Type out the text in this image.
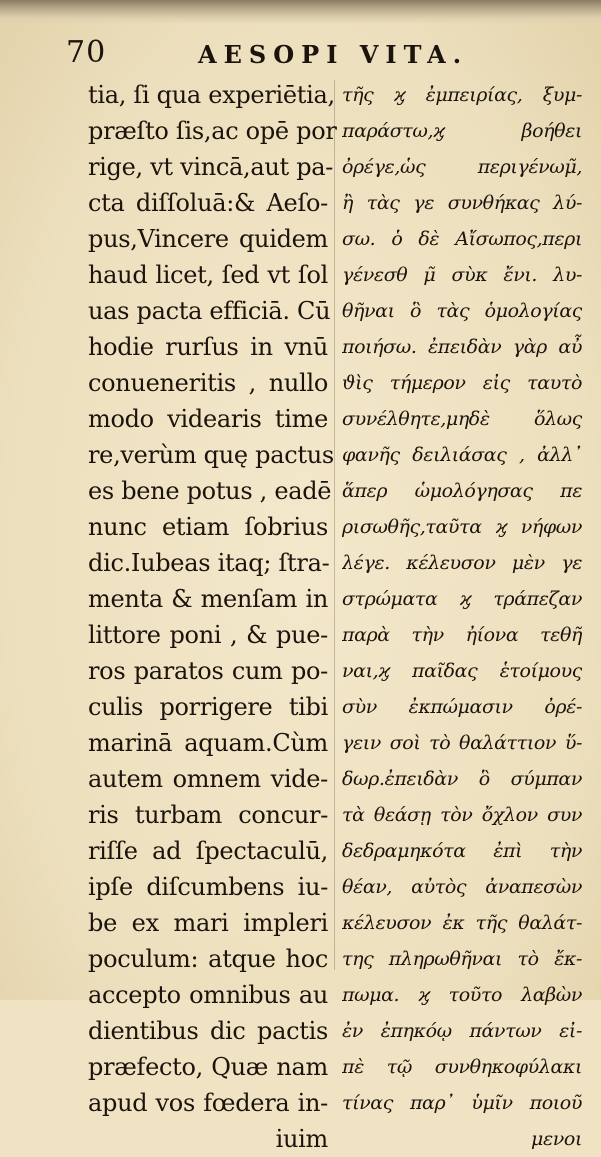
70	AESOPI VITA.
tia, ſi qua experiētia,
præſto ſis,ac opē por
rige, vt vincā,aut pa-
cta diſſoluā:& Aeſo-
pus,Vincere quidem
haud licet, ſed vt ſol
uas pacta efficiā. Cū
hodie rurſus in vnū
conueneritis , nullo
modo videaris time
re,verùm quę pactus
es bene potus , eadē
nunc etiam ſobrius
dic.Iubeas itaq; ſtra-
menta & menſam in
littore poni , & pue-
ros paratos cum po-
culis porrigere tibi
marinā aquam.Cùm
autem omnem vide-
ris turbam concur-
riſſe ad ſpectaculū,
ipſe diſcumbens iu-
be ex mari impleri
poculum: atque hoc
accepto omnibus au
dientibus dic pactis
præfecto, Quæ nam
apud vos fœdera in-
iuim
τῆς ϗ ἐμπειρίας, ξυμ-
παράστω,ϗ βοήθει
ὀρέγε,ὡς περιγένωμ̃,
ἢ τὰς γε συνθήκας λύ-
σω. ὁ δὲ Αἴσωπος,περι
γένεσθ μ̃ σὺκ ἔνι. λυ-
θῆναι ὃ τὰς ὁμολογίας
ποιήσω. ἐπειδὰν γὰρ αὖ
ϑὶς τήμερον εἰς ταυτὸ
συνέλθητε,μηδὲ ὅλως
φανῆς δειλιάσας , ἀλλ᾽
ἅπερ ὡμολόγησας πε
ρισωθῆς,ταῦτα ϗ νήφων
λέγε. κέλευσον μὲν γε
στρώματα ϗ τράπεζαν
παρὰ τὴν ἠίονα τεθῆ
ναι,ϗ παῖδας ἑτοίμους
σὺν ἐκπώμασιν ὀρέ-
γειν σοὶ τὸ θαλάττιον ὕ-
δωρ.ἐπειδὰν ὃ σύμπαν
τὰ θεάσῃ τὸν ὄχλον συν
δεδραμηκότα ἐπὶ τὴν
θέαν, αὐτὸς ἀναπεσὼν
κέλευσον ἐκ τῆς θαλάτ-
της πληρωθῆναι τὸ ἔκ-
πωμα. ϗ τοῦτο λαβὼν
ἐν ἐπηκόῳ πάντων εἰ-
πὲ τῷ συνθηκοφύλακι
τίνας παρ᾽ ὑμῖν ποιοῦ
μενοι
